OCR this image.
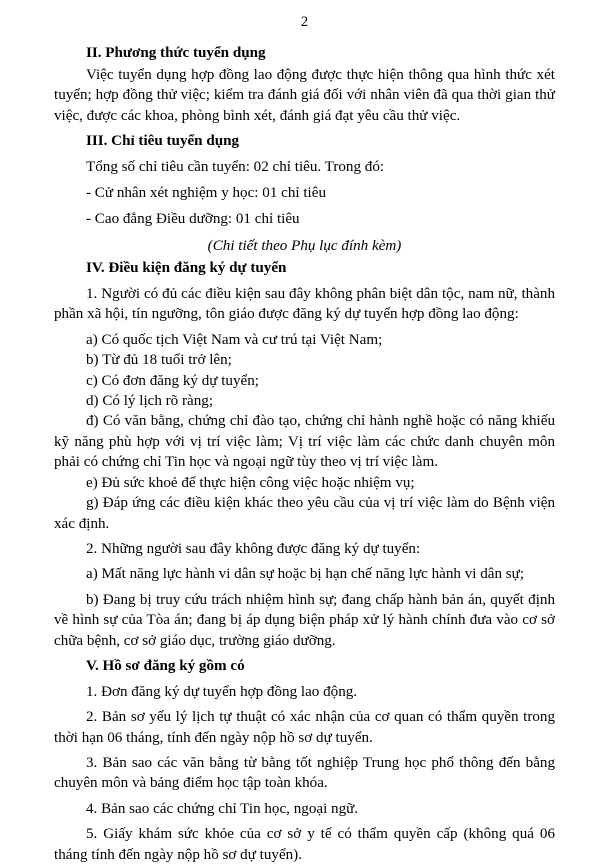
2

II. Phương thức tuyển dụng

Việc tuyển dụng hợp đồng lao động được thực hiện thông qua hình thức xét tuyển; hợp đồng thử việc; kiểm tra đánh giá đối với nhân viên đã qua thời gian thử việc, được các khoa, phòng bình xét, đánh giá đạt yêu cầu thử việc.

III. Chỉ tiêu tuyển dụng

Tổng số chỉ tiêu cần tuyển: 02 chỉ tiêu. Trong đó:

- Cử nhân xét nghiệm y học: 01 chỉ tiêu

- Cao đẳng Điều dưỡng: 01 chỉ tiêu

(Chi tiết theo Phụ lục đính kèm)

IV. Điều kiện đăng ký dự tuyển

1. Người có đủ các điều kiện sau đây không phân biệt dân tộc, nam nữ, thành phần xã hội, tín ngưỡng, tôn giáo được đăng ký dự tuyển hợp đồng lao động:

a) Có quốc tịch Việt Nam và cư trú tại Việt Nam;

b) Từ đủ 18 tuổi trở lên;

c) Có đơn đăng ký dự tuyển;

d) Có lý lịch rõ ràng;

đ) Có văn bằng, chứng chỉ đào tạo, chứng chỉ hành nghề hoặc có năng khiếu kỹ năng phù hợp với vị trí việc làm; Vị trí việc làm các chức danh chuyên môn phải có chứng chỉ Tin học và ngoại ngữ tùy theo vị trí việc làm.

e) Đủ sức khoẻ để thực hiện công việc hoặc nhiệm vụ;

g) Đáp ứng các điều kiện khác theo yêu cầu của vị trí việc làm do Bệnh viện xác định.

2. Những người sau đây không được đăng ký dự tuyển:

a) Mất năng lực hành vi dân sự hoặc bị hạn chế năng lực hành vi dân sự;

b) Đang bị truy cứu trách nhiệm hình sự; đang chấp hành bản án, quyết định về hình sự của Tòa án; đang bị áp dụng biện pháp xử lý hành chính đưa vào cơ sở chữa bệnh, cơ sở giáo dục, trường giáo dưỡng.

V. Hồ sơ đăng ký gồm có

1. Đơn đăng ký dự tuyển hợp đồng lao động.

2. Bản sơ yếu lý lịch tự thuật có xác nhận của cơ quan có thẩm quyền trong thời hạn 06 tháng, tính đến ngày nộp hồ sơ dự tuyển.

3. Bản sao các văn bằng từ bằng tốt nghiệp Trung học phổ thông đến bằng chuyên môn và bảng điểm học tập toàn khóa.

4. Bản sao các chứng chỉ Tin học, ngoại ngữ.

5. Giấy khám sức khỏe của cơ sở y tế có thẩm quyền cấp (không quá 06 tháng tính đến ngày nộp hồ sơ dự tuyển).
